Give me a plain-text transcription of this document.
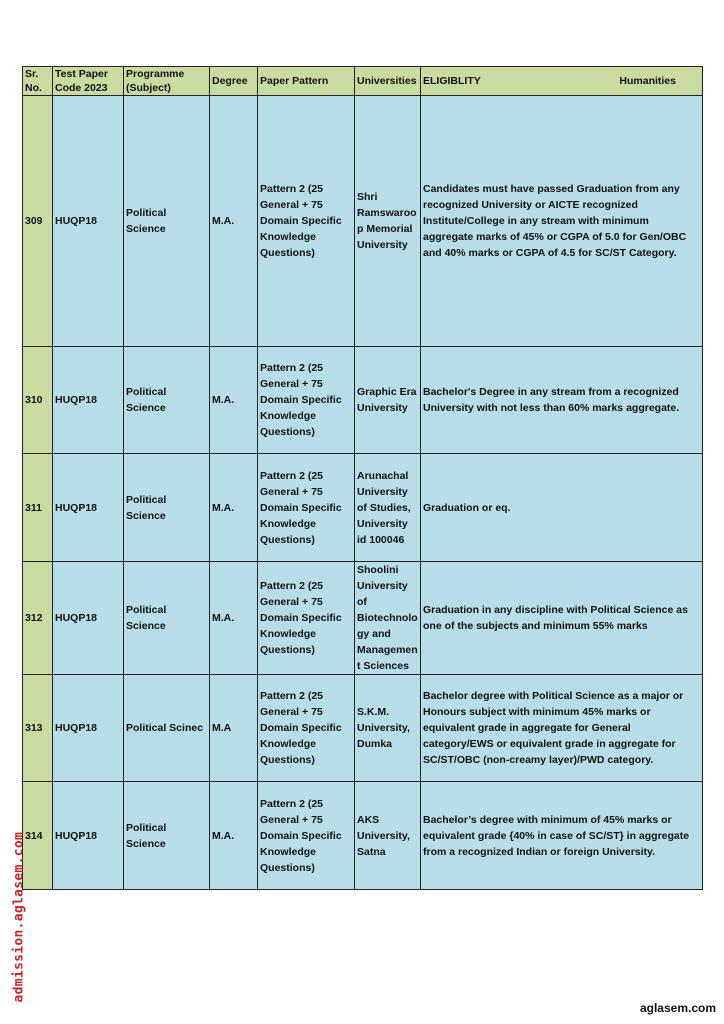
Sr. No.	Test Paper Code 2023	Programme (Subject)	Degree	Paper Pattern	Universities	ELIGIBLITY Humanities

309	HUQP18	Political Science	M.A.	Pattern 2 (25 General + 75 Domain Specific Knowledge Questions)	Shri Ramswaroop Memorial University	Candidates must have passed Graduation from any recognized University or AICTE recognized Institute/College in any stream with minimum aggregate marks of 45% or CGPA of 5.0 for Gen/OBC and 40% marks or CGPA of 4.5 for SC/ST Category.
310	HUQP18	Political Science	M.A.	Pattern 2 (25 General + 75 Domain Specific Knowledge Questions)	Graphic Era University	Bachelor's Degree in any stream from a recognized University with not less than 60% marks aggregate.
311	HUQP18	Political Science	M.A.	Pattern 2 (25 General + 75 Domain Specific Knowledge Questions)	Arunachal University of Studies, University id 100046	Graduation or eq.
312	HUQP18	Political Science	M.A.	Pattern 2 (25 General + 75 Domain Specific Knowledge Questions)	Shoolini University of Biotechnology and Management Sciences	Graduation in any discipline with Political Science as one of the subjects and minimum 55% marks
313	HUQP18	Political Scinec	M.A	Pattern 2 (25 General + 75 Domain Specific Knowledge Questions)	S.K.M. University, Dumka	Bachelor degree with Political Science as a major or Honours subject with minimum 45% marks or equivalent grade in aggregate for General category/EWS or equivalent grade in aggregate for SC/ST/OBC (non-creamy layer)/PWD category.
314	HUQP18	Political Science	M.A.	Pattern 2 (25 General + 75 Domain Specific Knowledge Questions)	AKS University, Satna	Bachelor’s degree with minimum of 45% marks or equivalent grade {40% in case of SC/ST} in aggregate from a recognized Indian or foreign University.
admission.aglasem.com
aglasem.com
